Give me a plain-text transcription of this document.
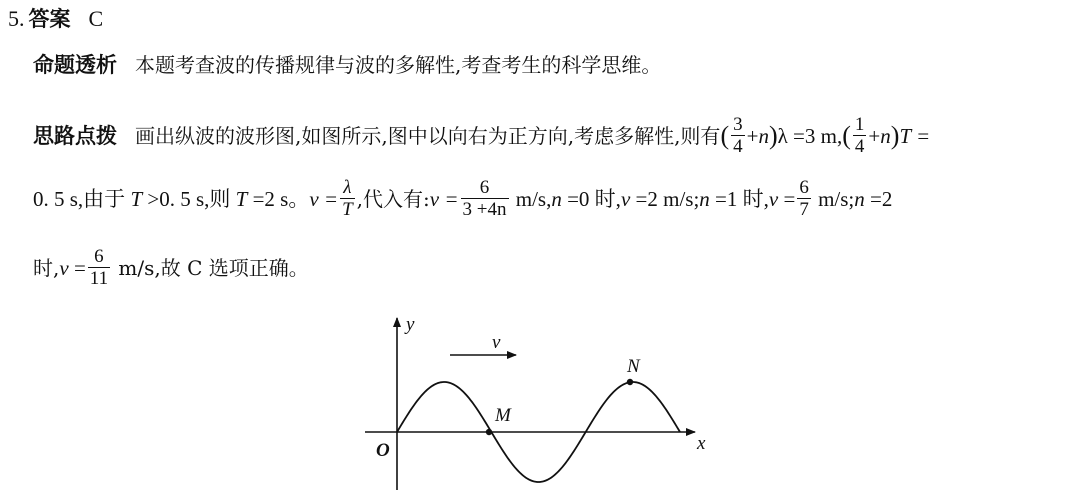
5. 答案 C
命题透析 本题考查波的传播规律与波的多解性,考查考生的科学思维。
思路点拨 画出纵波的波形图,如图所示,图中以向右为正方向,考虑多解性,则有( $\frac{3}{4} +n)\lambda =3$ $m,( \frac{1}{4} +n)T$ =
0. 5 s,由于 T >0. 5 s,则 T =2 s。$v = \frac{\lambda}{T}$ ,代入有:v = $\frac{6}{3 +4n} m/s,n =0$ 时,v =2 m/s;n =1 时$,v = \frac{6}{7}$ m/s;n =2
时$,v = \frac{6}{11} m/s$,故 C 选项正确。
y
x
O
v
M
N
